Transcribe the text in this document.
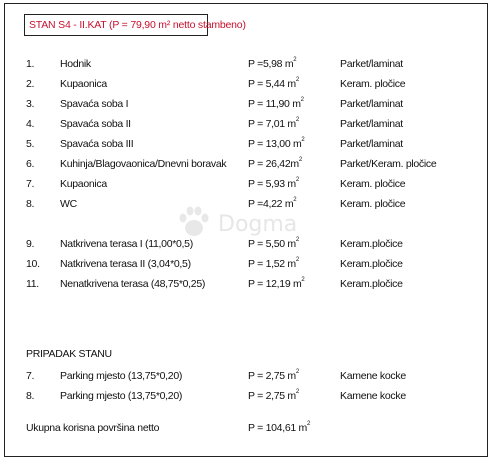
STAN S4 - II.KAT (P = 79,90 m² netto stambeno)
1. Hodnik	P =5,98 $m^2$	Parket/laminat
2. Kupaonica	P = 5,44 $m^2$	Keram. pločice
3. Spavaća soba I	P = 11,90 $m^2$	Parket/laminat
4. Spavaća soba II	P = 7,01 $m^2$	Parket/laminat
5. Spavaća soba III	P = 13,00 $m^2$	Parket/laminat
6. Kuhinja/Blagovaonica/Dnevni boravak $P = 26,42m^2$	Parket/Keram. pločice
7. Kupaonica	P = 5,93 $m^2$	Keram. pločice
8. WC	P =4,22 $m^2$	Keram. pločice
9. Natkrivena terasa I (11,00*0,5)	P = 5,50 $m^2$	Keram.pločice
10. Natkrivena terasa II (3,04*0,5)	P = 1,52 $m^2$	Keram.pločice
11. Nenatkrivena terasa (48,75*0,25)	P = 12,19 $m^2$	Keram.pločice
PRIPADAK STANU
7. Parking mjesto (13,75*0,20)	P = 2,75 $m^2$	Kamene kocke
8. Parking mjesto (13,75*0,20)	P = 2,75 $m^2$	Kamene kocke
Ukupna korisna površina netto	P = 104,61 $m^2$
Dogma
